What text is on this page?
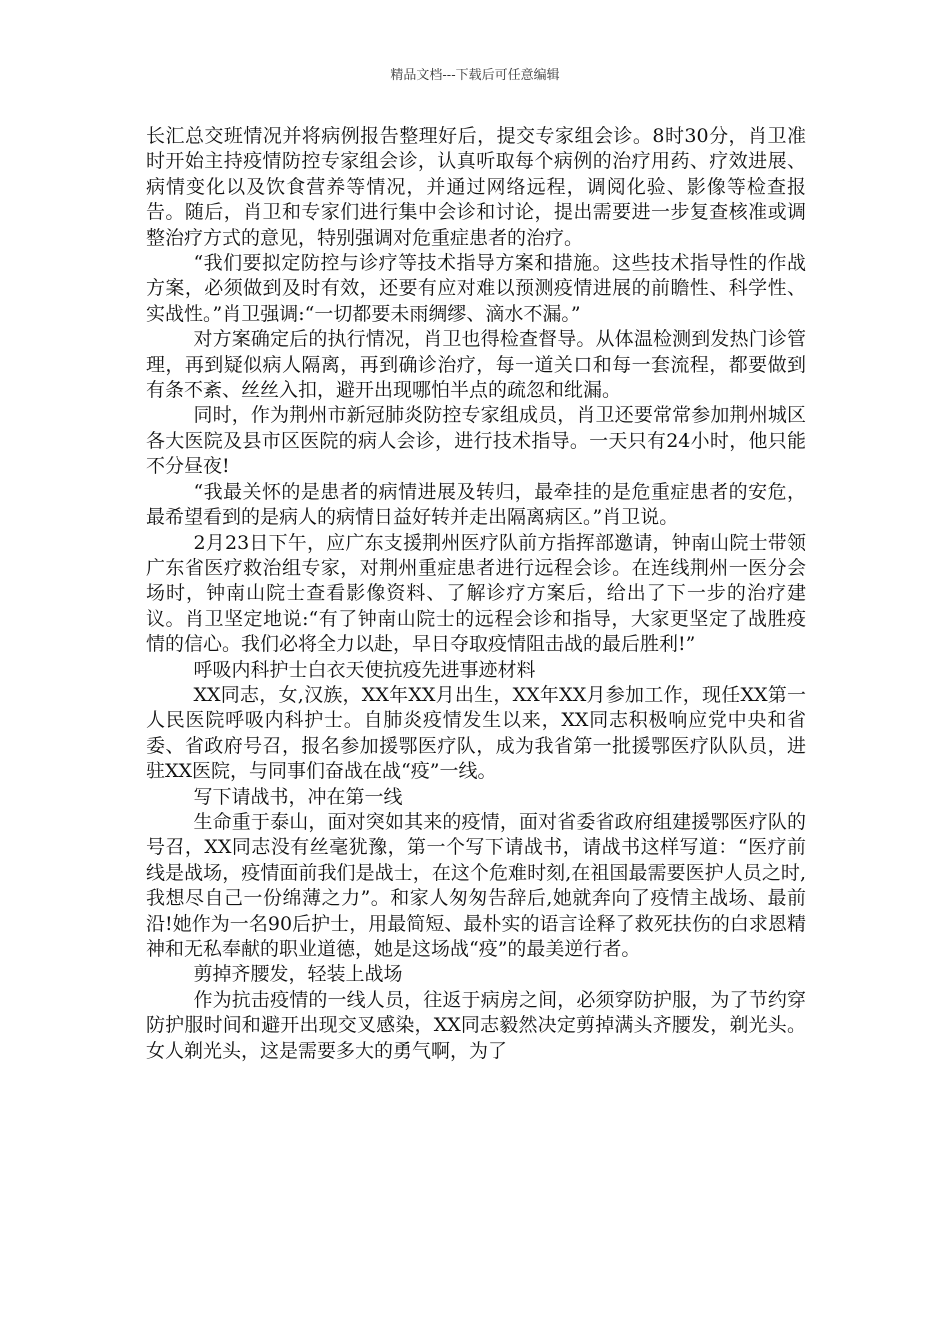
精品文档---下载后可任意编辑

长汇总交班情况并将病例报告整理好后，提交专家组会诊。8时30分，肖卫准时开始主持疫情防控专家组会诊，认真听取每个病例的治疗用药、疗效进展、病情变化以及饮食营养等情况，并通过网络远程，调阅化验、影像等检查报告。随后，肖卫和专家们进行集中会诊和讨论，提出需要进一步复查核准或调整治疗方式的意见，特别强调对危重症患者的治疗。

“我们要拟定防控与诊疗等技术指导方案和措施。这些技术指导性的作战方案，必须做到及时有效，还要有应对难以预测疫情进展的前瞻性、科学性、实战性。”肖卫强调:“一切都要未雨绸缪、滴水不漏。”

对方案确定后的执行情况，肖卫也得检查督导。从体温检测到发热门诊管理，再到疑似病人隔离，再到确诊治疗，每一道关口和每一套流程，都要做到有条不紊、丝丝入扣，避开出现哪怕半点的疏忽和纰漏。

同时，作为荆州市新冠肺炎防控专家组成员，肖卫还要常常参加荆州城区各大医院及县市区医院的病人会诊，进行技术指导。一天只有24小时，他只能不分昼夜!

“我最关怀的是患者的病情进展及转归，最牵挂的是危重症患者的安危，最希望看到的是病人的病情日益好转并走出隔离病区。”肖卫说。

2月23日下午，应广东支援荆州医疗队前方指挥部邀请，钟南山院士带领广东省医疗救治组专家，对荆州重症患者进行远程会诊。在连线荆州一医分会场时，钟南山院士查看影像资料、了解诊疗方案后，给出了下一步的治疗建议。肖卫坚定地说:“有了钟南山院士的远程会诊和指导，大家更坚定了战胜疫情的信心。我们必将全力以赴，早日夺取疫情阻击战的最后胜利!”

呼吸内科护士白衣天使抗疫先进事迹材料

XX同志，女,汉族，XX年XX月出生，XX年XX月参加工作，现任XX第一人民医院呼吸内科护士。自肺炎疫情发生以来，XX同志积极响应党中央和省委、省政府号召，报名参加援鄂医疗队，成为我省第一批援鄂医疗队队员，进驻XX医院，与同事们奋战在战“疫”一线。

写下请战书，冲在第一线

生命重于泰山，面对突如其来的疫情，面对省委省政府组建援鄂医疗队的号召，XX同志没有丝毫犹豫，第一个写下请战书，请战书这样写道：“医疗前线是战场，疫情面前我们是战士，在这个危难时刻,在祖国最需要医护人员之时,我想尽自己一份绵薄之力”。和家人匆匆告辞后,她就奔向了疫情主战场、最前沿!她作为一名90后护士，用最简短、最朴实的语言诠释了救死扶伤的白求恩精神和无私奉献的职业道德，她是这场战“疫”的最美逆行者。

剪掉齐腰发，轻装上战场

作为抗击疫情的一线人员，往返于病房之间，必须穿防护服，为了节约穿防护服时间和避开出现交叉感染，XX同志毅然决定剪掉满头齐腰发，剃光头。女人剃光头，这是需要多大的勇气啊，为了
